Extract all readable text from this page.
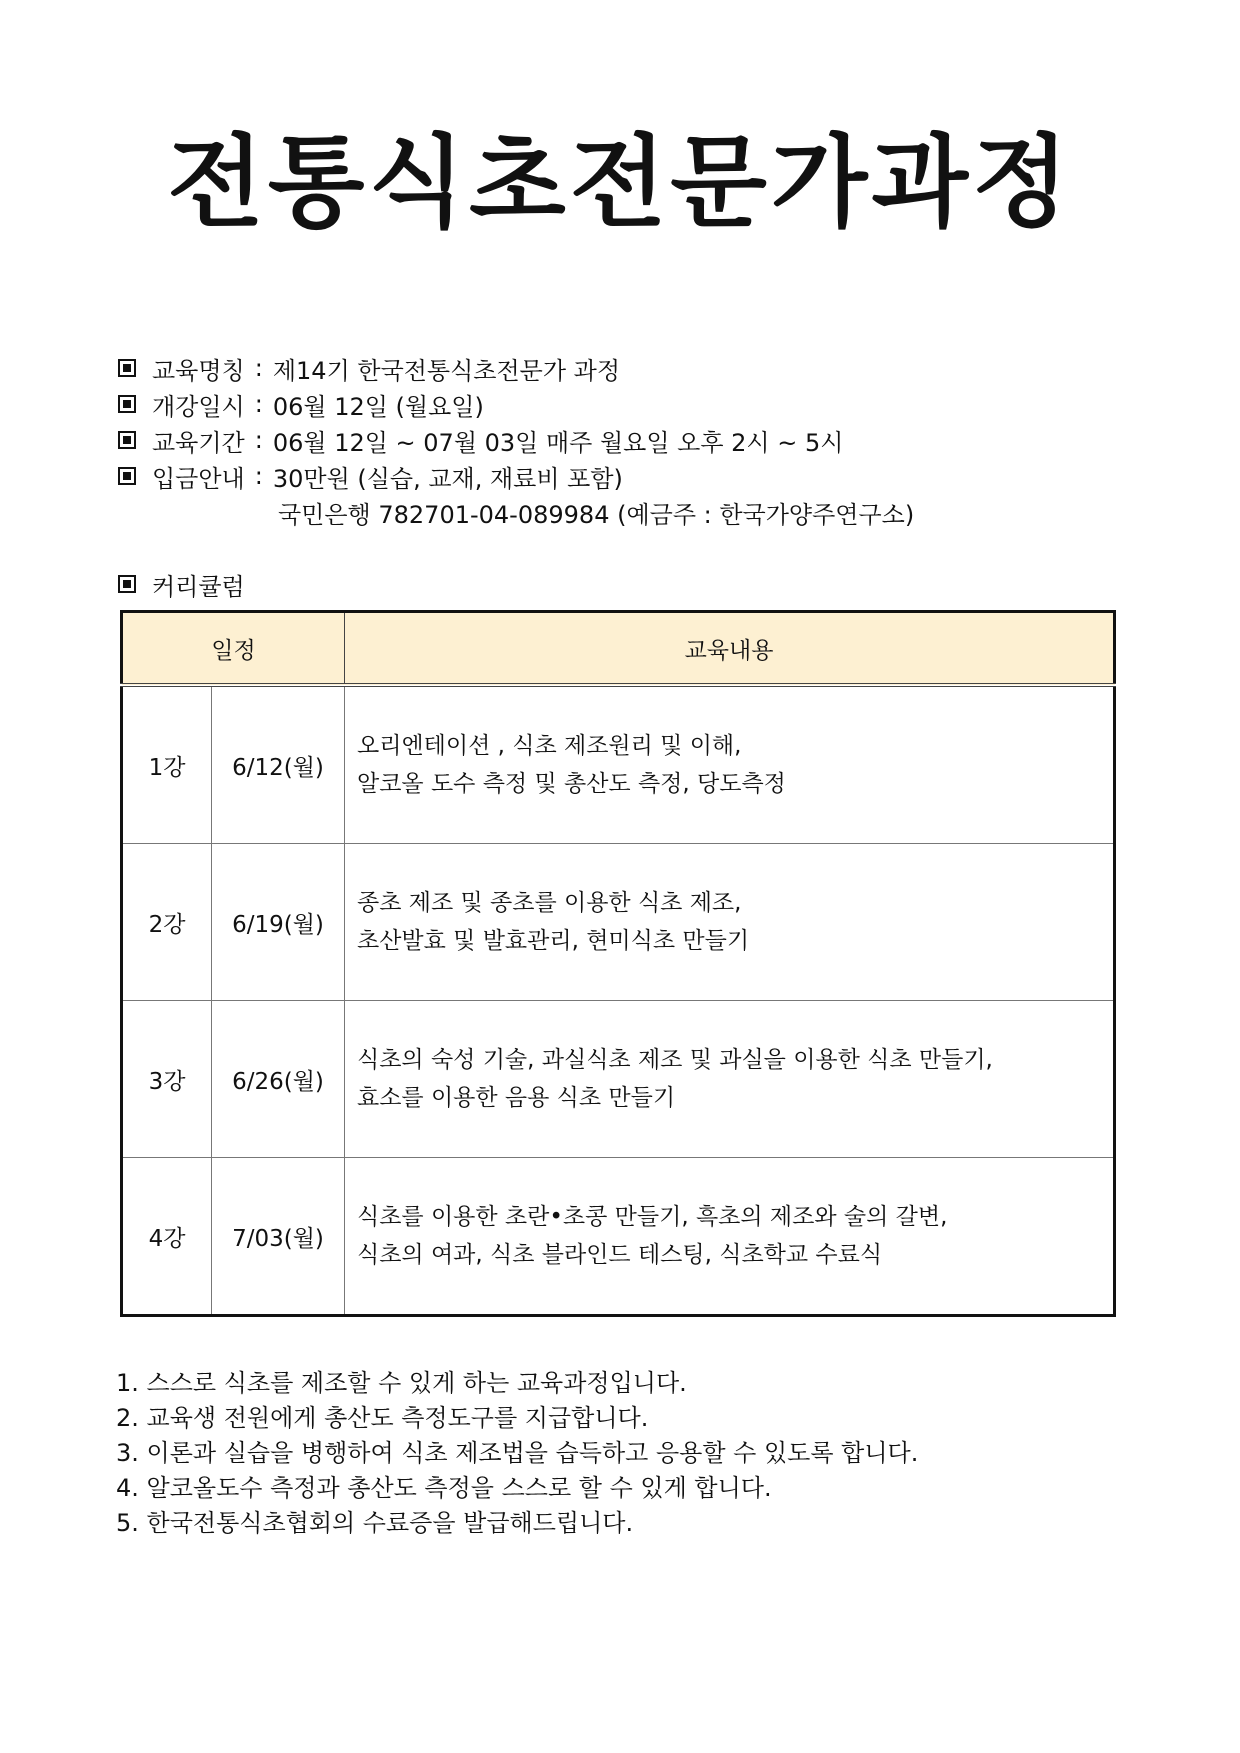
전통식초전문가과정
교육명칭 : 제14기 한국전통식초전문가 과정
개강일시 : 06월 12일 (월요일)
교육기간 : 06월 12일 ~ 07월 03일 매주 월요일 오후 2시 ~ 5시
입금안내 : 30만원 (실습, 교재, 재료비 포함)
국민은행 782701-04-089984 (예금주 : 한국가양주연구소)
커리큘럼
일정		교육내용
1강	6/12(월)	오리엔테이션 , 식초 제조원리 및 이해,
알코올 도수 측정 및 총산도 측정, 당도측정

2강	6/19(월)	종초 제조 및 종초를 이용한 식초 제조,
초산발효 및 발효관리, 현미식초 만들기

3강	6/26(월)	식초의 숙성 기술, 과실식초 제조 및 과실을 이용한 식초 만들기,
효소를 이용한 음용 식초 만들기

4강	7/03(월)	식초를 이용한 초란•초콩 만들기, 흑초의 제조와 술의 갈변,
식초의 여과, 식초 블라인드 테스팅, 식초학교 수료식
1. 스스로 식초를 제조할 수 있게 하는 교육과정입니다.
2. 교육생 전원에게 총산도 측정도구를 지급합니다.
3. 이론과 실습을 병행하여 식초 제조법을 습득하고 응용할 수 있도록 합니다.
4. 알코올도수 측정과 총산도 측정을 스스로 할 수 있게 합니다.
5. 한국전통식초협회의 수료증을 발급해드립니다.
